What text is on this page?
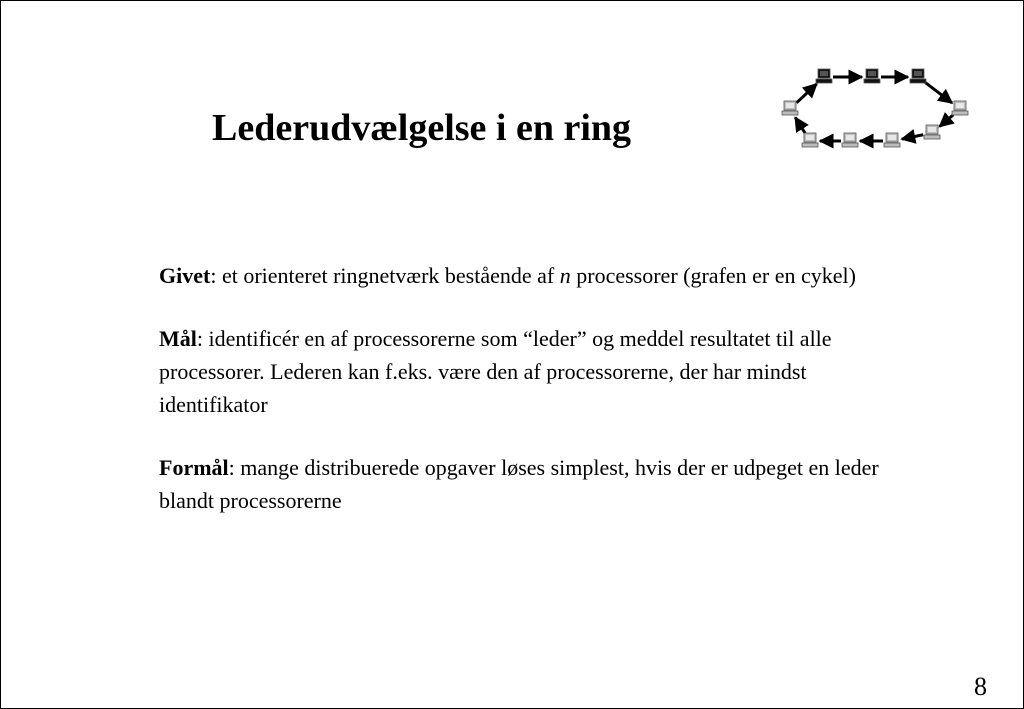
Lederudvælgelse i en ring

Givet: et orienteret ringnetværk bestående af n processorer (grafen er en cykel)

Mål: identificér en af processorerne som “leder” og meddel resultatet til alle processorer. Lederen kan f.eks. være den af processorerne, der har mindst identifikator

Formål: mange distribuerede opgaver løses simplest, hvis der er udpeget en leder blandt processorerne

8
